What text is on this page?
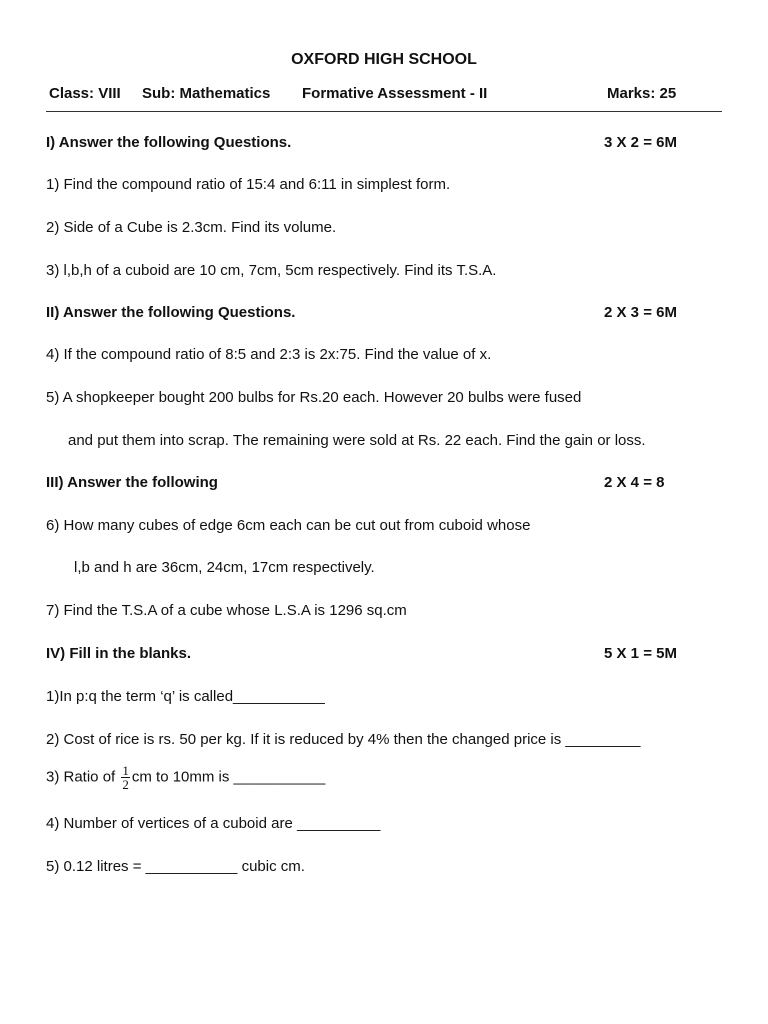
OXFORD HIGH SCHOOL
Class: VIII Sub: Mathematics Formative Assessment - II	Marks: 25
I) Answer the following Questions.	3 X 2 = 6M
1) Find the compound ratio of 15:4 and 6:11 in simplest form.
2) Side of a Cube is 2.3cm. Find its volume.
3) l,b,h of a cuboid are 10 cm, 7cm, 5cm respectively. Find its T.S.A.
II) Answer the following Questions.	2 X 3 = 6M
4) If the compound ratio of 8:5 and 2:3 is 2x:75. Find the value of x.
5) A shopkeeper bought 200 bulbs for Rs.20 each. However 20 bulbs were fused
and put them into scrap. The remaining were sold at Rs. 22 each. Find the gain or loss.
III) Answer the following	2 X 4 = 8
6) How many cubes of edge 6cm each can be cut out from cuboid whose
l,b and h are 36cm, 24cm, 17cm respectively.
7) Find the T.S.A of a cube whose L.S.A is 1296 sq.cm
IV) Fill in the blanks.	5 X 1 = 5M
1)In p:q the term ‘q’ is called___________
2) Cost of rice is rs. 50 per kg. If it is reduced by 4% then the changed price is _________
3) Ratio of $\frac{1}{2}$ cm to 10mm is ___________
4) Number of vertices of a cuboid are __________
5) 0.12 litres = ___________ cubic cm.
